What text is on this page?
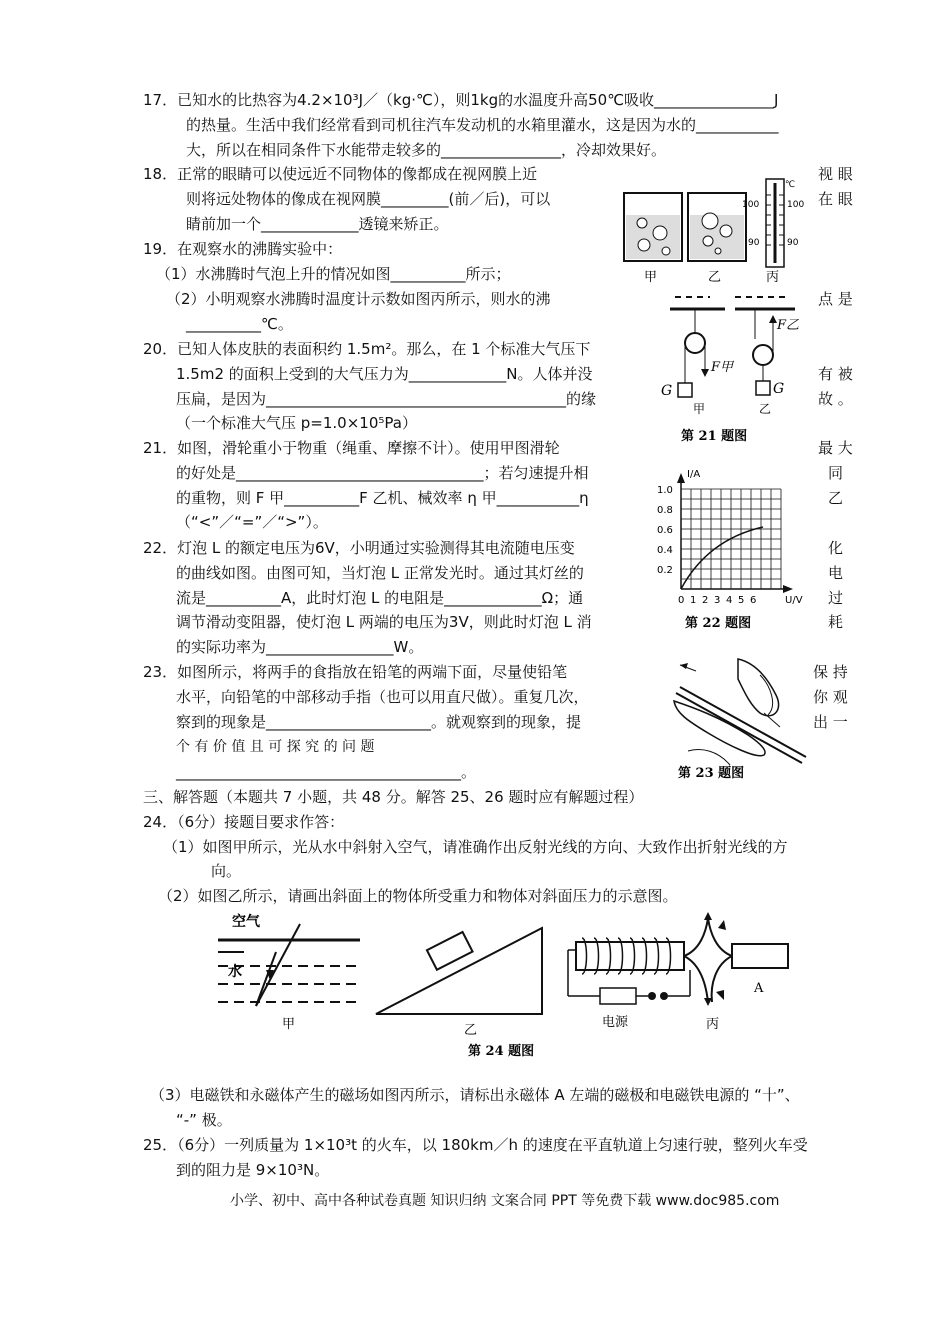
17．已知水的比热容为4.2×10³J／（kg·℃），则1kg的水温度升高50℃吸收________________J
的热量。生活中我们经常看到司机往汽车发动机的水箱里灌水，这是因为水的___________
大，所以在相同条件下水能带走较多的________________，冷却效果好。
18．正常的眼睛可以使远近不同物体的像都成在视网膜上近
则将远处物体的像成在视网膜_________(前／后)，可以
睛前加一个_____________透镜来矫正。
视 眼
在 眼
19．在观察水的沸腾实验中：
（1）水沸腾时气泡上升的情况如图__________所示；
（2）小明观察水沸腾时温度计示数如图丙所示，则水的沸
__________℃。
点 是
20．已知人体皮肤的表面积约 1.5m²。那么，在 1 个标准大气压下
1.5m2 的面积上受到的大气压力为_____________N。人体并没
压扁，是因为________________________________________的缘
（一个标准大气压 p=1.0×10⁵Pa）
有 被
故 。
21．如图，滑轮重小于物重（绳重、摩擦不计）。使用甲图滑轮
的好处是_________________________________；若匀速提升相
的重物，则 F 甲__________F 乙机、械效率 η 甲___________η
（“<”／“=”／“>”）。
最 大
同
乙
22．灯泡 L 的额定电压为6V，小明通过实验测得其电流随电压变
的曲线如图。由图可知，当灯泡 L 正常发光时。通过其灯丝的
流是__________A，此时灯泡 L 的电阻是_____________Ω；通
调节滑动变阻器，使灯泡 L 两端的电压为3V，则此时灯泡 L 消
的实际功率为_________________W。
化
电
过
耗
23．如图所示，将两手的食指放在铅笔的两端下面，尽量使铅笔
水平，向铅笔的中部移动手指（也可以用直尺做）。重复几次，
察到的现象是______________________。就观察到的现象，提
个 有 价 值 且 可 探 究 的 问 题
______________________________________。
保 持
你 观
出 一
三、解答题（本题共 7 小题，共 48 分。解答 25、26 题时应有解题过程）
24．（6分）接题目要求作答：
（1）如图甲所示，光从水中斜射入空气，请准确作出反射光线的方向、大致作出折射光线的方
向。
（2）如图乙所示，请画出斜面上的物体所受重力和物体对斜面压力的示意图。
（3）电磁铁和永磁体产生的磁场如图丙所示，请标出永磁体 A 左端的磁极和电磁铁电源的 “十”、
“-” 极。
25．（6分）一列质量为 1×10³t 的火车，以 180km／h 的速度在平直轨道上匀速行驶，整列火车受
到的阻力是 9×10³N。
℃
100	100
90	90
甲	乙	丙
F甲
G
F乙
G
甲	乙
第 21 题图
I/A
U/V
1.0
0.8
0.6
0.4
0.2
0 1 2 3 4 5 6
第 22 题图
第 23 题图
空气
水
甲	乙
电源
A
丙
第 24 题图
小学、初中、高中各种试卷真题 知识归纳 文案合同 PPT 等免费下载 www.doc985.com
